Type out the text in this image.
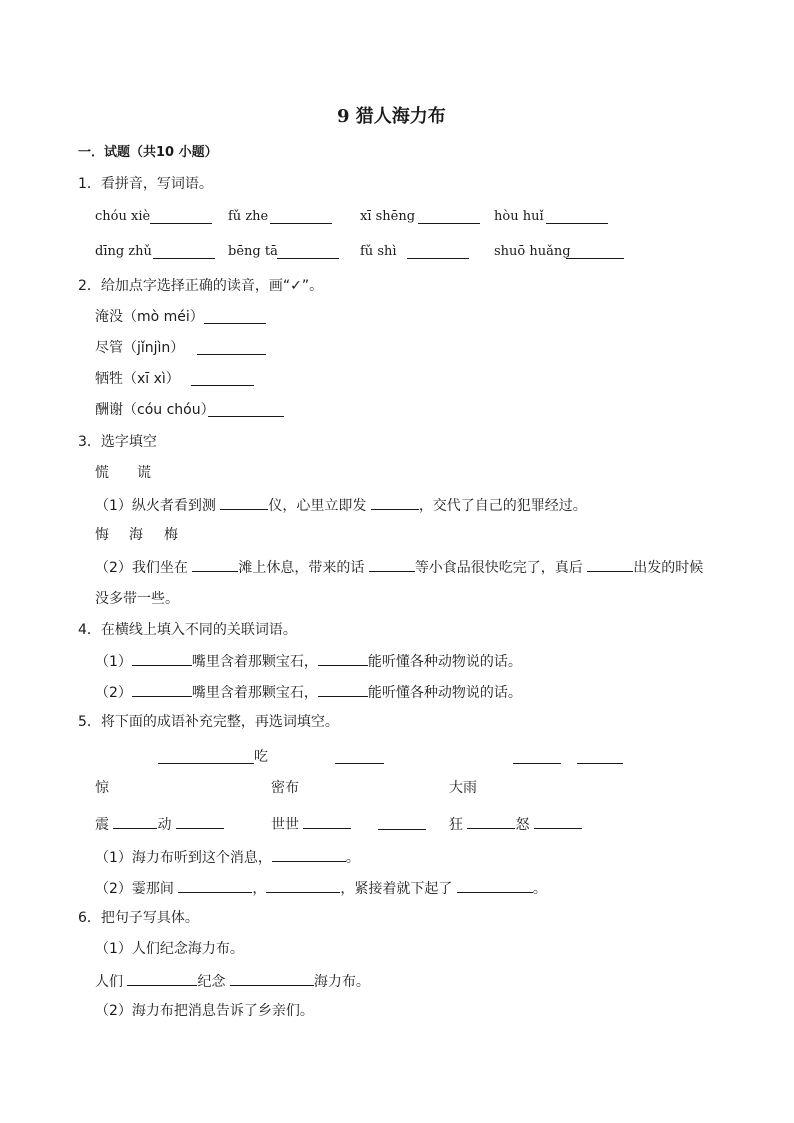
9 猎人海力布
一．试题（共10 小题）
1．看拼音，写词语。
chóu xiè	fǔ zhe	xī shēng	hòu huǐ
dīng zhǔ	bēng tā	fǔ shì	shuō huǎng
2．给加点字选择正确的读音，画“✓”。
淹没（mò méi）
尽管（jǐnjìn）
牺牲（xī xì）
酬谢（cóu chóu）
3．选字填空
慌 谎
（1）纵火者看到测	仪，心里立即发	，交代了自己的犯罪经过。
悔 海 梅
（2）我们坐在	滩上休息，带来的话	等小食品很快吃完了，真后	出发的时候
没多带一些。
4．在横线上填入不同的关联词语。
（1）	嘴里含着那颗宝石，	能听懂各种动物说的话。
（2）	嘴里含着那颗宝石，	能听懂各种动物说的话。
5．将下面的成语补充完整，再选词填空。
吃
惊	密布	大雨
震	动	世世	狂	怒
（1）海力布听到这个消息，	。
（2）霎那间	，	，紧接着就下起了	。
6．把句子写具体。
（1）人们纪念海力布。
人们	纪念	海力布。
（2）海力布把消息告诉了乡亲们。
